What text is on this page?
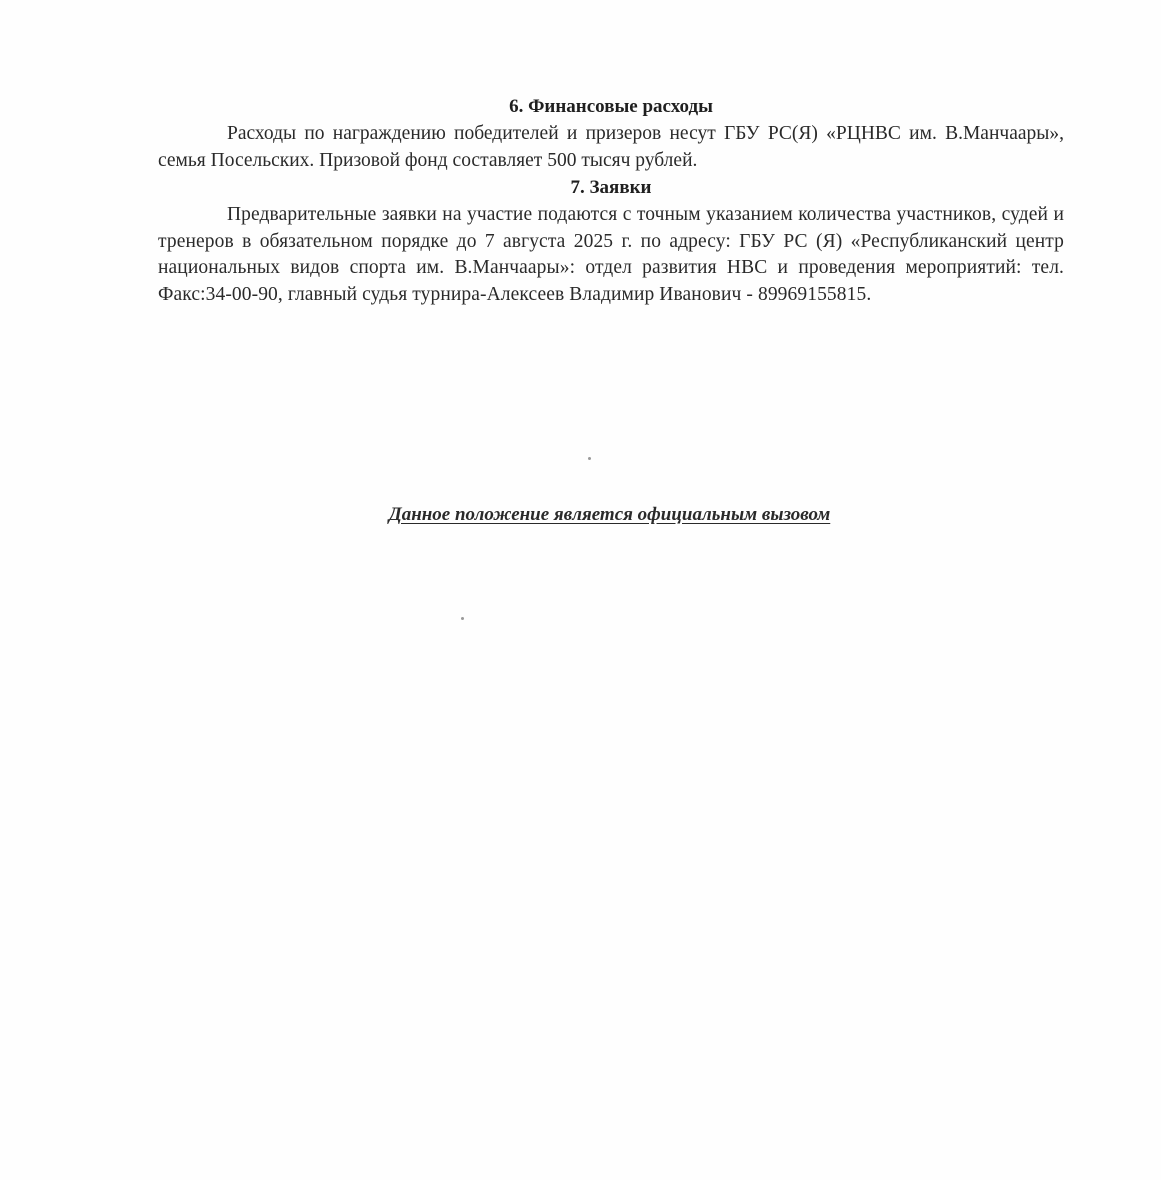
6. Финансовые расходы

Расходы по награждению победителей и призеров несут ГБУ РС(Я) «РЦНВС им. В.Манчаары», семья Посельских. Призовой фонд составляет 500 тысяч рублей.

7. Заявки

Предварительные заявки на участие подаются с точным указанием количества участников, судей и тренеров в обязательном порядке до 7 августа 2025 г. по адресу: ГБУ РС (Я) «Республиканский центр национальных видов спорта им. В.Манчаары»: отдел развития НВС и проведения мероприятий: тел. Факс:34-00-90, главный судья турнира-Алексеев Владимир Иванович - 89969155815.

Данное положение является официальным вызовом
